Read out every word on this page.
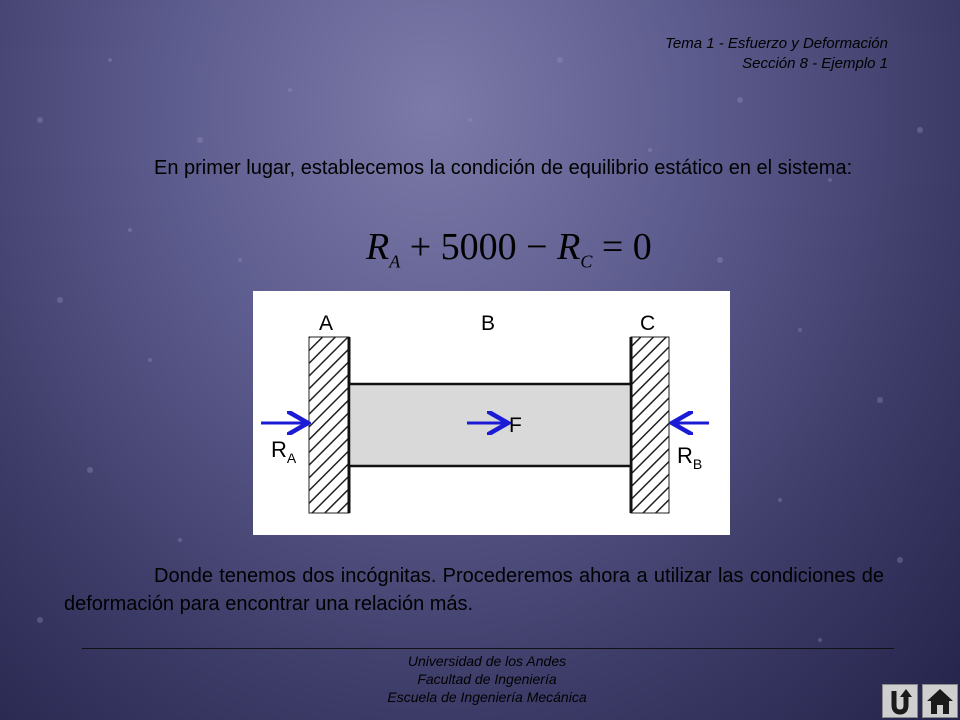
Tema 1 - Esfuerzo y Deformación
Sección 8 - Ejemplo 1
En primer lugar, establecemos la condición de equilibrio estático en el sistema:
$R_A + 5000 - R_C = 0$
A	B	C
F
$R_A$	$R_B$
Donde tenemos dos incógnitas. Procederemos ahora a utilizar las condiciones de deformación para encontrar una relación más.
Universidad de los Andes
Facultad de Ingeniería
Escuela de Ingeniería Mecánica
